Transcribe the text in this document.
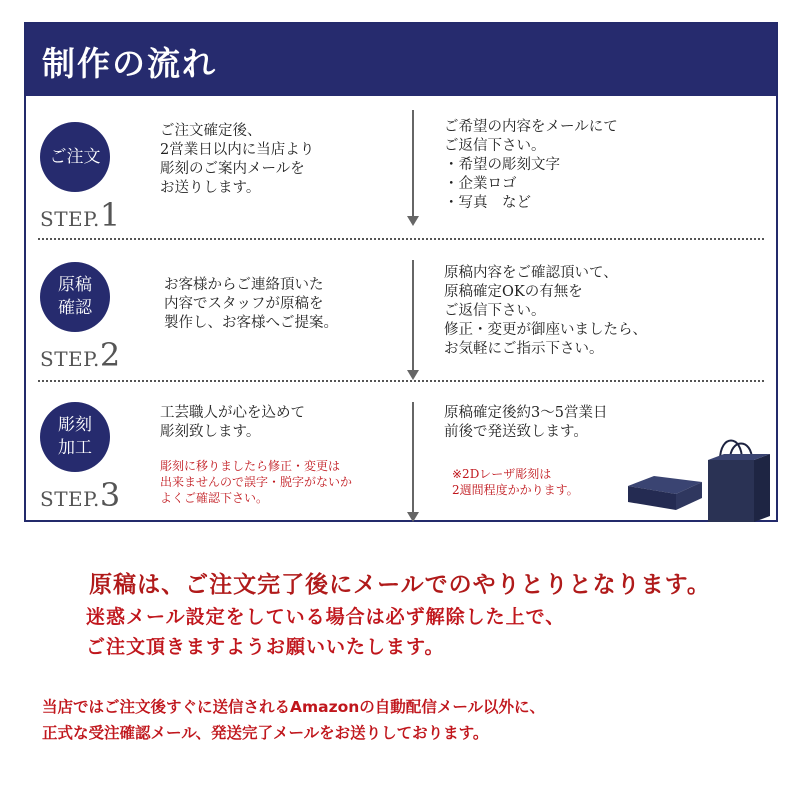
制作の流れ
ご注文
STEP.1
ご注文確定後、
2営業日以内に当店より
彫刻のご案内メールを
お送りします。
ご希望の内容をメールにて
ご返信下さい。
・希望の彫刻文字
・企業ロゴ
・写真　など
原稿
確認
STEP.2
お客様からご連絡頂いた
内容でスタッフが原稿を
製作し、お客様へご提案。
原稿内容をご確認頂いて、
原稿確定OKの有無を
ご返信下さい。
修正・変更が御座いましたら、
お気軽にご指示下さい。
彫刻
加工
STEP.3
工芸職人が心を込めて
彫刻致します。
彫刻に移りましたら修正・変更は
出来ませんので誤字・脱字がないか
よくご確認下さい。
原稿確定後約3～5営業日
前後で発送致します。
※2Dレーザ彫刻は
2週間程度かかります。
原稿は、ご注文完了後にメールでのやりとりとなります。
迷惑メール設定をしている場合は必ず解除した上で、
ご注文頂きますようお願いいたします。
当店ではご注文後すぐに送信されるAmazonの自動配信メール以外に、
正式な受注確認メール、発送完了メールをお送りしております。
